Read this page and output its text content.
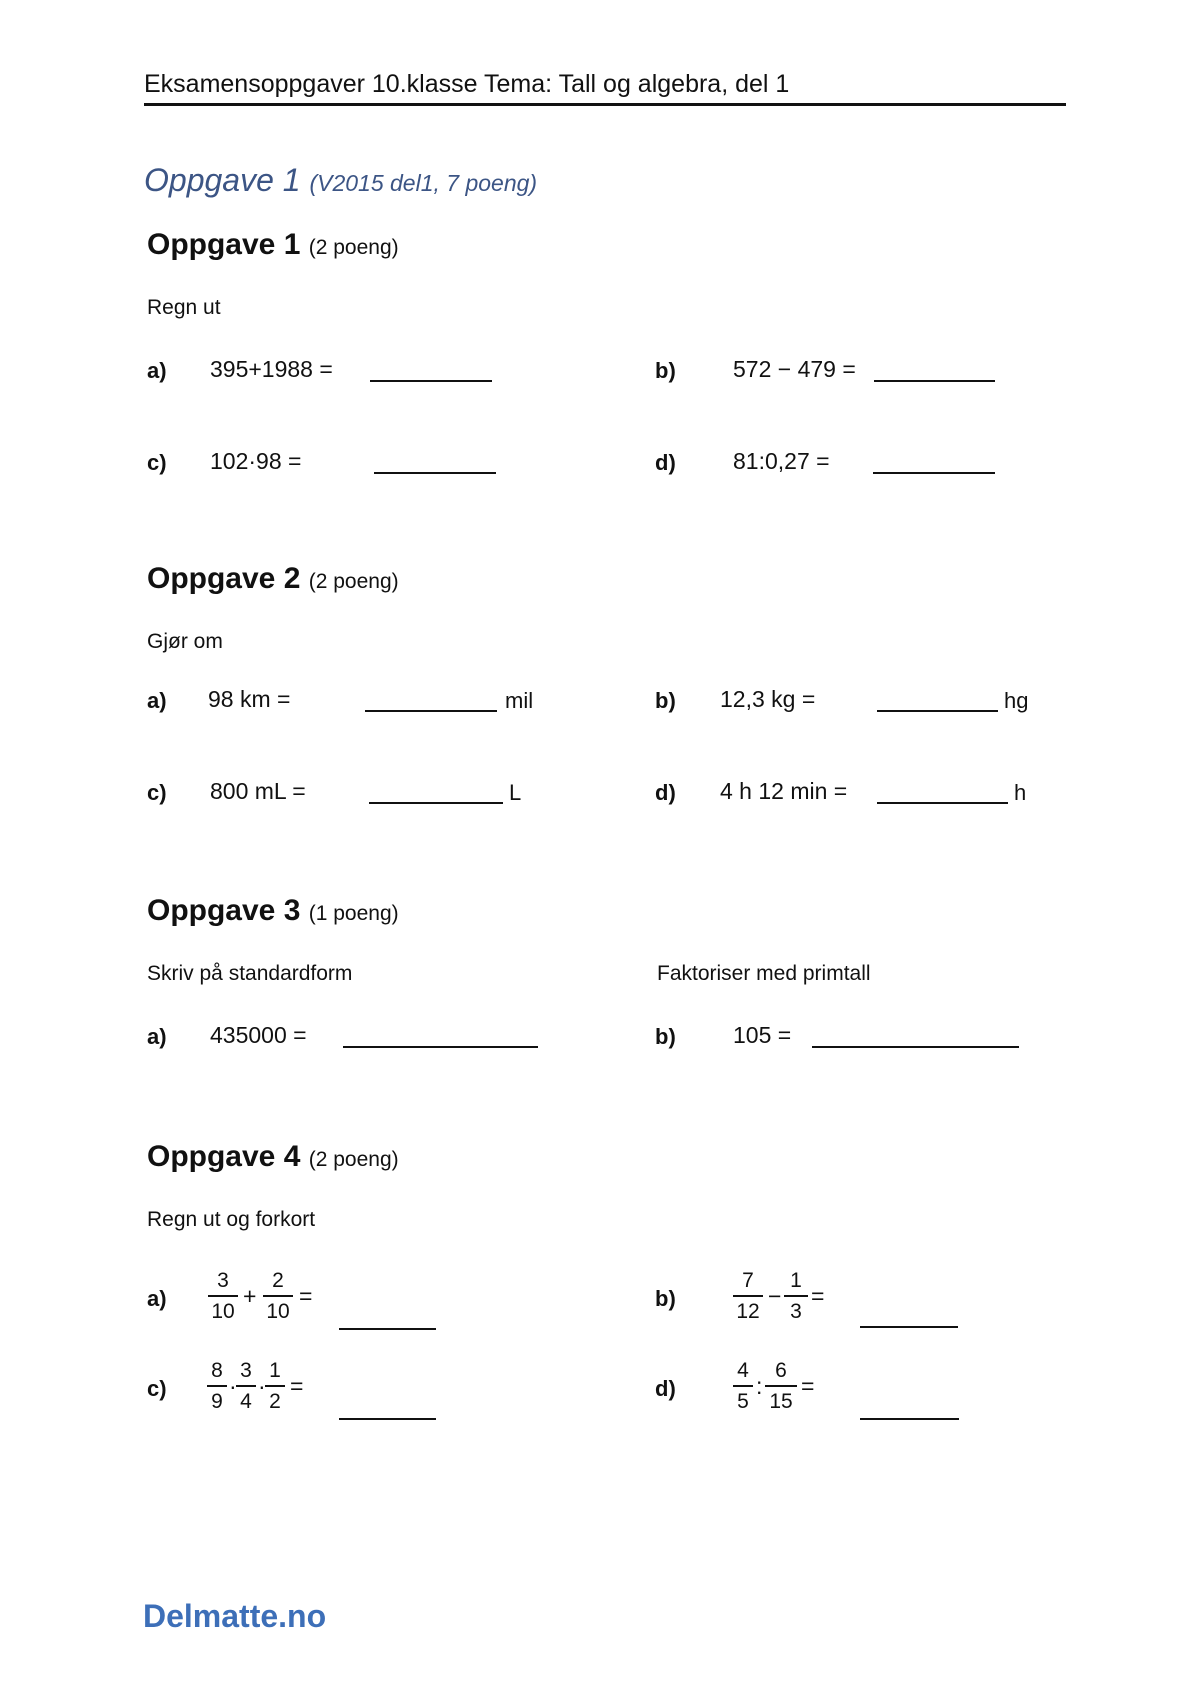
Eksamensoppgaver 10.klasse Tema: Tall og algebra, del 1
Oppgave 1 (V2015 del1, 7 poeng)
Oppgave 1 (2 poeng)
Regn ut
a) 395+1988 =	b) 572 − 479 =
c) 102·98 =	d) 81:0,27 =
Oppgave 2 (2 poeng)
Gjør om
a) 98 km =	mil	b) 12,3 kg =	hg
c) 800 mL =	L	d) 4 h 12 min =	h
Oppgave 3 (1 poeng)
Skriv på standardform	Faktoriser med primtall
a) 435000 =	b) 105 =
Oppgave 4 (2 poeng)
Regn ut og forkort
$a) \frac{3}{10} + \frac{2}{10}$ =	b)	$\frac{7}{12} - \frac{1}{3}$ =
$c) \frac{8}{9} \cdot \frac{3}{4} \cdot \frac{1}{2}$ =	d)	$\frac{4}{5}$ : $\frac{6}{15}$ =
Delmatte.no
